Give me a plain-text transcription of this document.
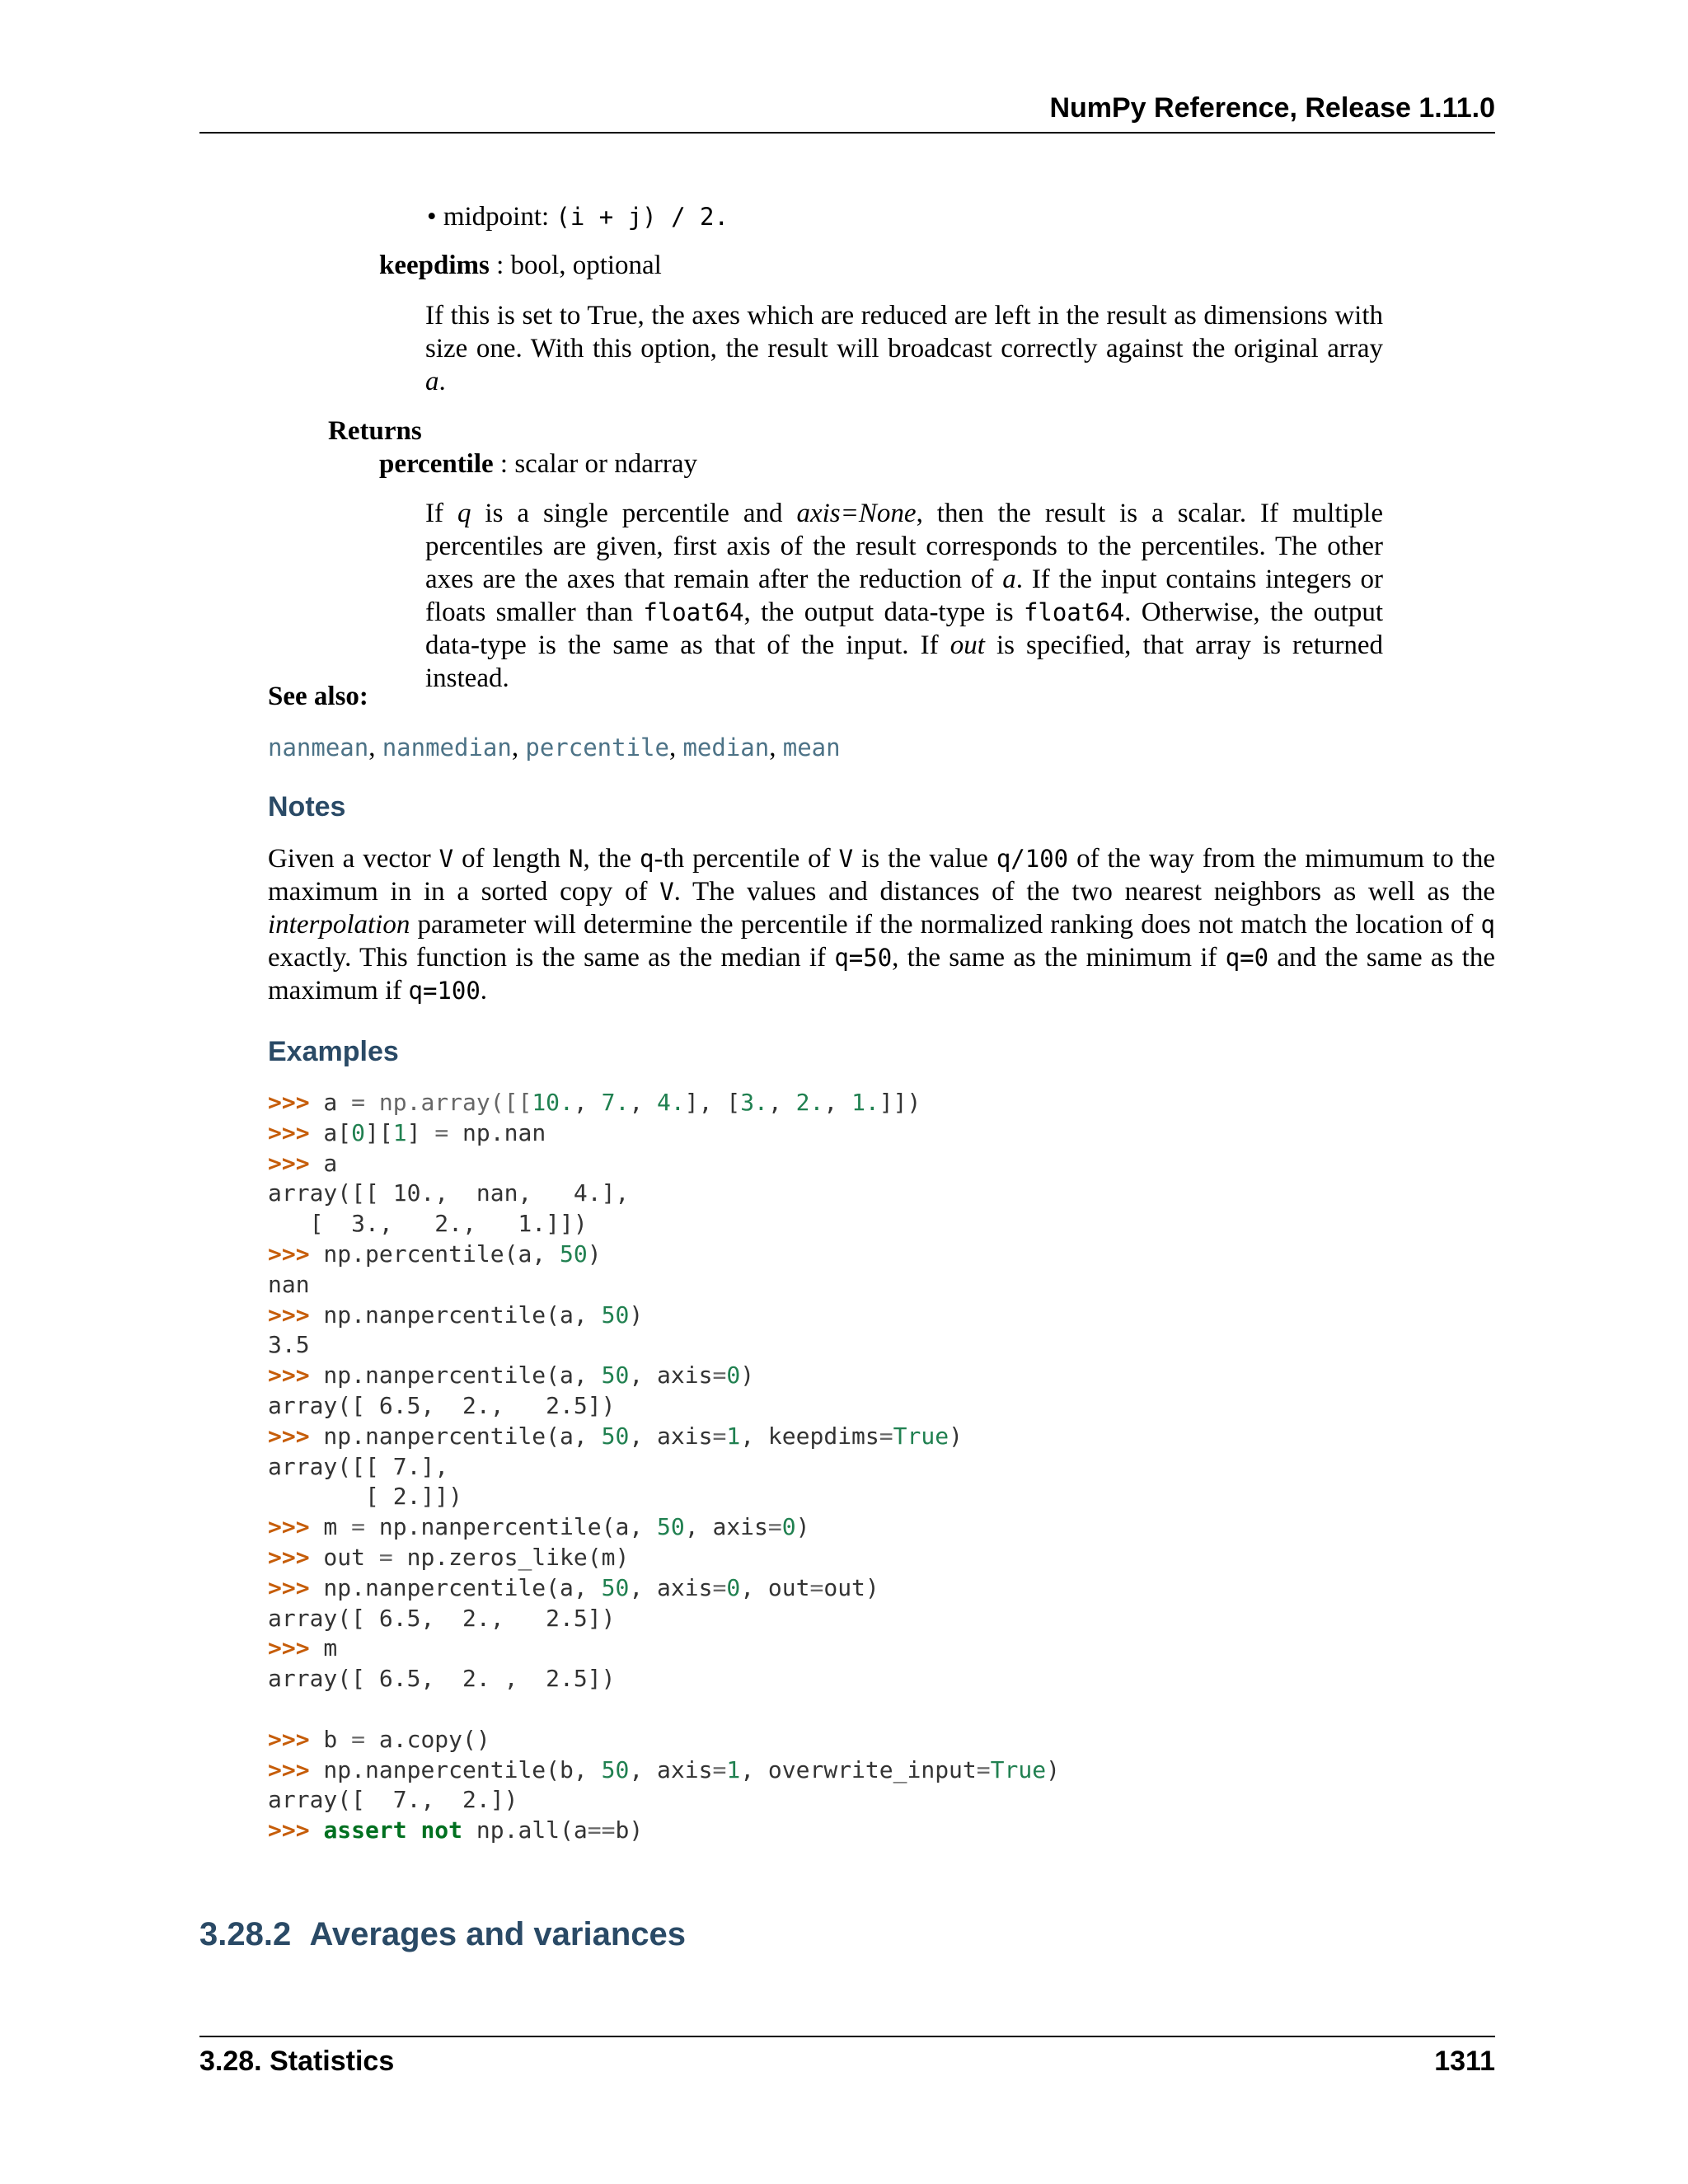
NumPy Reference, Release 1.11.0
• midpoint: (i + j) / 2.
keepdims : bool, optional
If this is set to True, the axes which are reduced are left in the result as dimensions with size one. With this option, the result will broadcast correctly against the original array a.
Returns
percentile : scalar or ndarray
If q is a single percentile and axis=None, then the result is a scalar. If multiple percentiles are given, first axis of the result corresponds to the percentiles. The other axes are the axes that remain after the reduction of a. If the input contains integers or floats smaller than float64, the output data-type is float64. Otherwise, the output data-type is the same as that of the input. If out is specified, that array is returned instead.
See also:
nanmean, nanmedian, percentile, median, mean
Notes
Given a vector V of length N, the q-th percentile of V is the value q/100 of the way from the mimumum to the maximum in in a sorted copy of V. The values and distances of the two nearest neighbors as well as the interpolation parameter will determine the percentile if the normalized ranking does not match the location of q exactly. This function is the same as the median if q=50, the same as the minimum if q=0 and the same as the maximum if q=100.
Examples
>>> a = np.array([[10., 7., 4.], [3., 2., 1.]])
>>> a[0][1] = np.nan
>>> a
array([[ 10.,  nan,   4.],
[  3.,   2.,   1.]])
>>> np.percentile(a, 50)
nan
>>> np.nanpercentile(a, 50)
3.5
>>> np.nanpercentile(a, 50, axis=0)
array([ 6.5,  2.,   2.5])
>>> np.nanpercentile(a, 50, axis=1, keepdims=True)
array([[ 7.],
[ 2.]])
>>> m = np.nanpercentile(a, 50, axis=0)
>>> out = np.zeros_like(m)
>>> np.nanpercentile(a, 50, axis=0, out=out)
array([ 6.5,  2.,   2.5])
>>> m
array([ 6.5,  2. ,  2.5])

>>> b = a.copy()
>>> np.nanpercentile(b, 50, axis=1, overwrite_input=True)
array([  7.,  2.])
>>> assert not np.all(a==b)
3.28.2 Averages and variances
3.28. Statistics	1311
